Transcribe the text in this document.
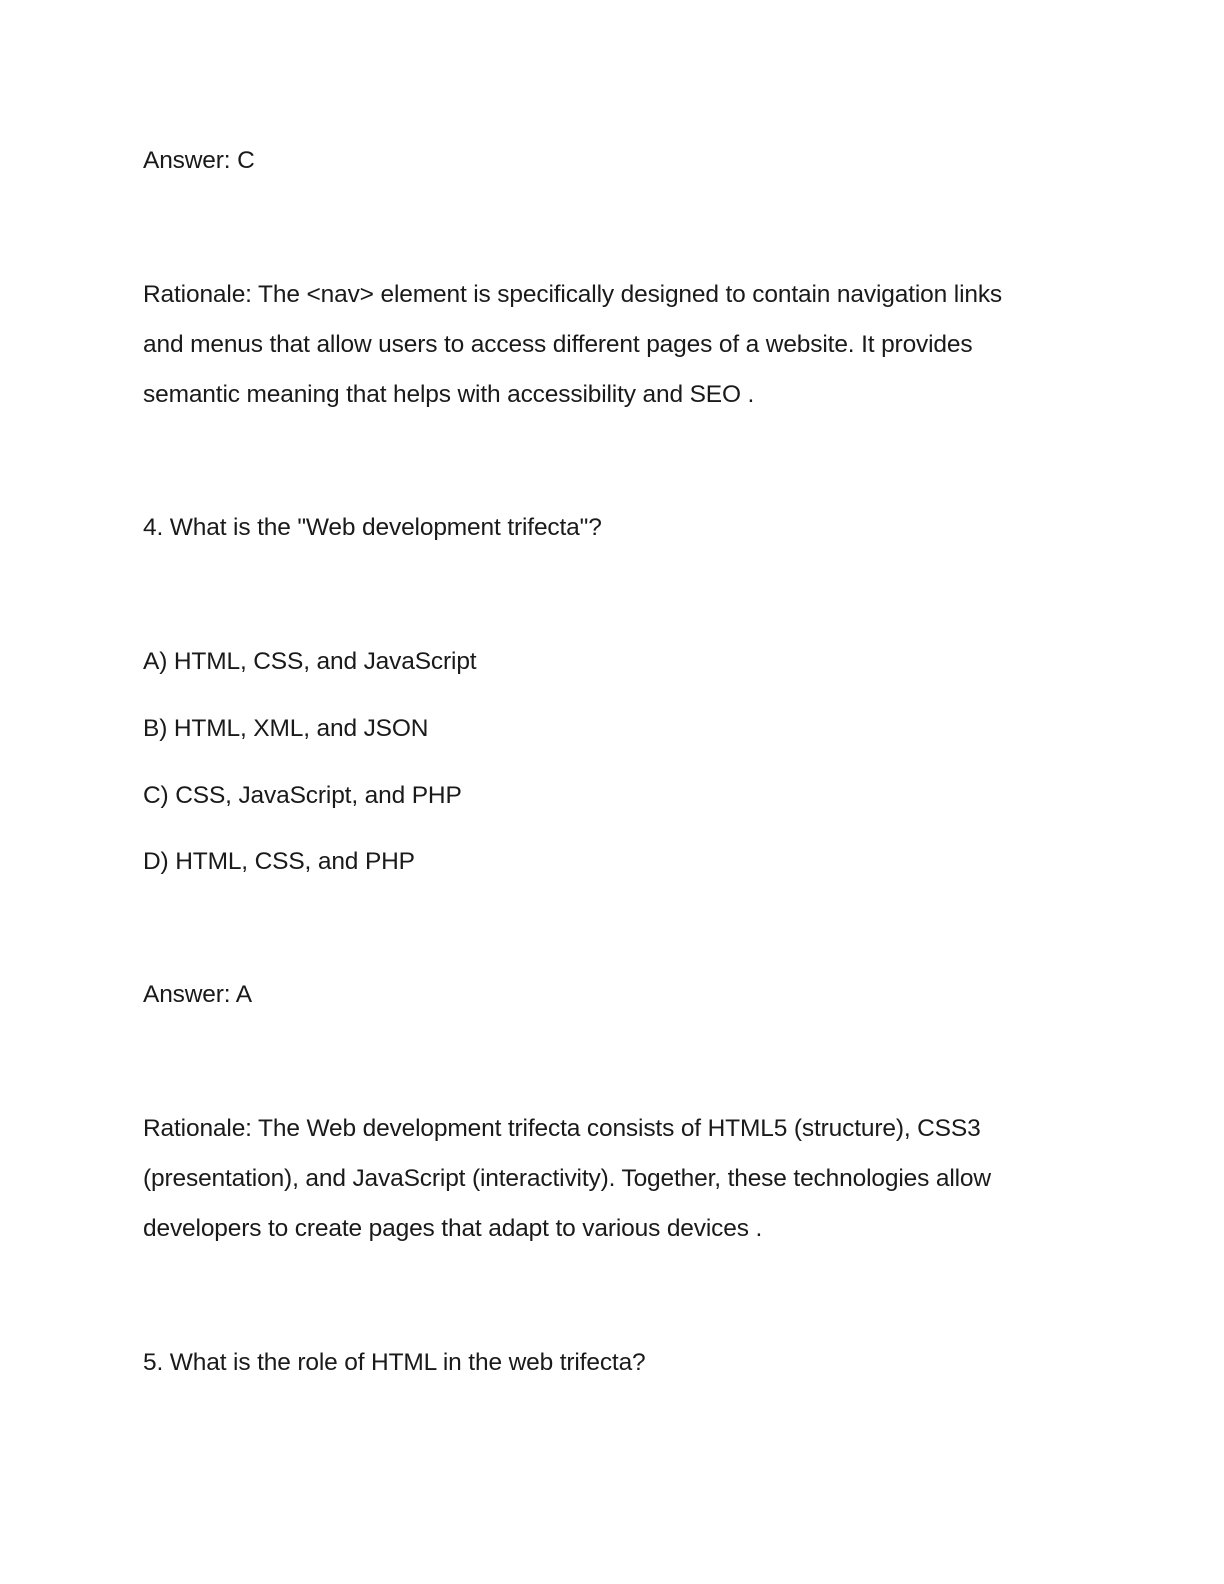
Answer: C
Rationale: The <nav> element is specifically designed to contain navigation links
and menus that allow users to access different pages of a website. It provides
semantic meaning that helps with accessibility and SEO .
4. What is the "Web development trifecta"?
A) HTML, CSS, and JavaScript
B) HTML, XML, and JSON
C) CSS, JavaScript, and PHP
D) HTML, CSS, and PHP
Answer: A
Rationale: The Web development trifecta consists of HTML5 (structure), CSS3
(presentation), and JavaScript (interactivity). Together, these technologies allow
developers to create pages that adapt to various devices .
5. What is the role of HTML in the web trifecta?
